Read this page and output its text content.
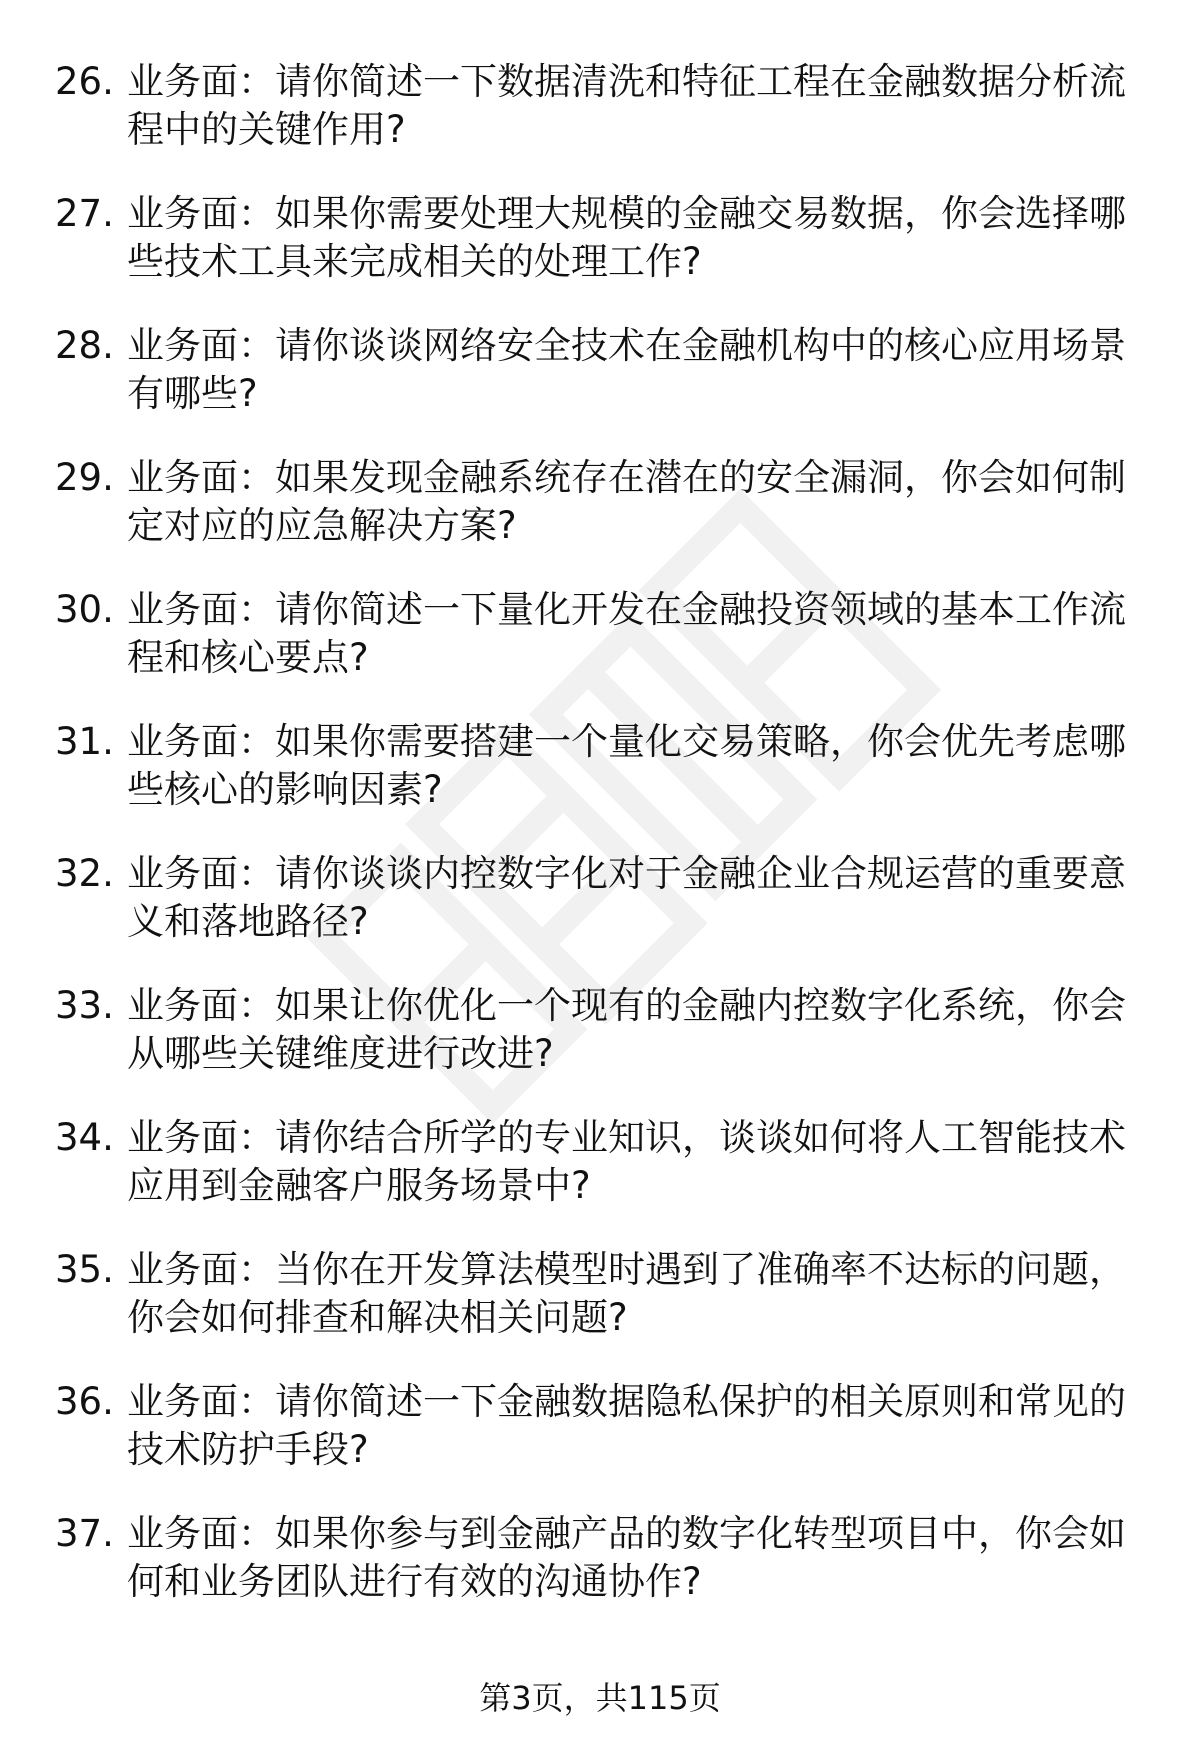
26. 业务面：请你简述一下数据清洗和特征工程在金融数据分析流程中的关键作用?
27. 业务面：如果你需要处理大规模的金融交易数据，你会选择哪些技术工具来完成相关的处理工作?
28. 业务面：请你谈谈网络安全技术在金融机构中的核心应用场景有哪些?
29. 业务面：如果发现金融系统存在潜在的安全漏洞，你会如何制定对应的应急解决方案?
30. 业务面：请你简述一下量化开发在金融投资领域的基本工作流程和核心要点?
31. 业务面：如果你需要搭建一个量化交易策略，你会优先考虑哪些核心的影响因素?
32. 业务面：请你谈谈内控数字化对于金融企业合规运营的重要意义和落地路径?
33. 业务面：如果让你优化一个现有的金融内控数字化系统，你会从哪些关键维度进行改进?
34. 业务面：请你结合所学的专业知识，谈谈如何将人工智能技术应用到金融客户服务场景中?
35. 业务面：当你在开发算法模型时遇到了准确率不达标的问题，你会如何排查和解决相关问题?
36. 业务面：请你简述一下金融数据隐私保护的相关原则和常见的技术防护手段?
37. 业务面：如果你参与到金融产品的数字化转型项目中，你会如何和业务团队进行有效的沟通协作?
第3页，共115页
